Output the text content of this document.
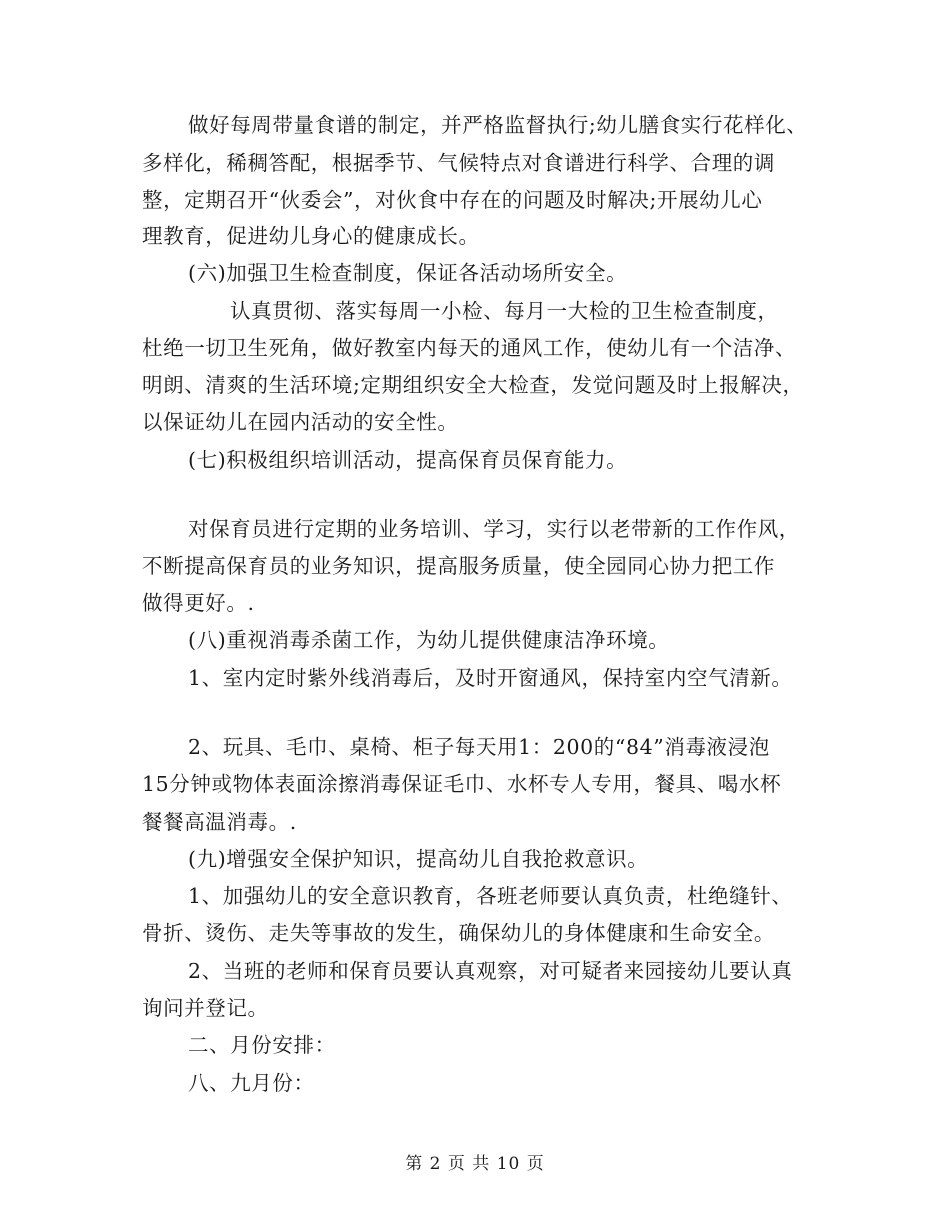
做好每周带量食谱的制定，并严格监督执行;幼儿膳食实行花样化、
多样化，稀稠答配，根据季节、气候特点对食谱进行科学、合理的调
整，定期召开“伙委会”，对伙食中存在的问题及时解决;开展幼儿心
理教育，促进幼儿身心的健康成长。
(六)加强卫生检查制度，保证各活动场所安全。
认真贯彻、落实每周一小检、每月一大检的卫生检查制度，
杜绝一切卫生死角，做好教室内每天的通风工作，使幼儿有一个洁净、
明朗、清爽的生活环境;定期组织安全大检查，发觉问题及时上报解决，
以保证幼儿在园内活动的安全性。
(七)积极组织培训活动，提高保育员保育能力。
对保育员进行定期的业务培训、学习，实行以老带新的工作作风，
不断提高保育员的业务知识，提高服务质量，使全园同心协力把工作
做得更好。.
(八)重视消毒杀菌工作，为幼儿提供健康洁净环境。
1、室内定时紫外线消毒后，及时开窗通风，保持室内空气清新。
2、玩具、毛巾、桌椅、柜子每天用1：200的“84”消毒液浸泡
15分钟或物体表面涂擦消毒保证毛巾、水杯专人专用，餐具、喝水杯
餐餐高温消毒。.
(九)增强安全保护知识，提高幼儿自我抢救意识。
1、加强幼儿的安全意识教育，各班老师要认真负责，杜绝缝针、
骨折、烫伤、走失等事故的发生，确保幼儿的身体健康和生命安全。
2、当班的老师和保育员要认真观察，对可疑者来园接幼儿要认真
询问并登记。
二、月份安排：
八、九月份：
第 2 页 共 10 页
